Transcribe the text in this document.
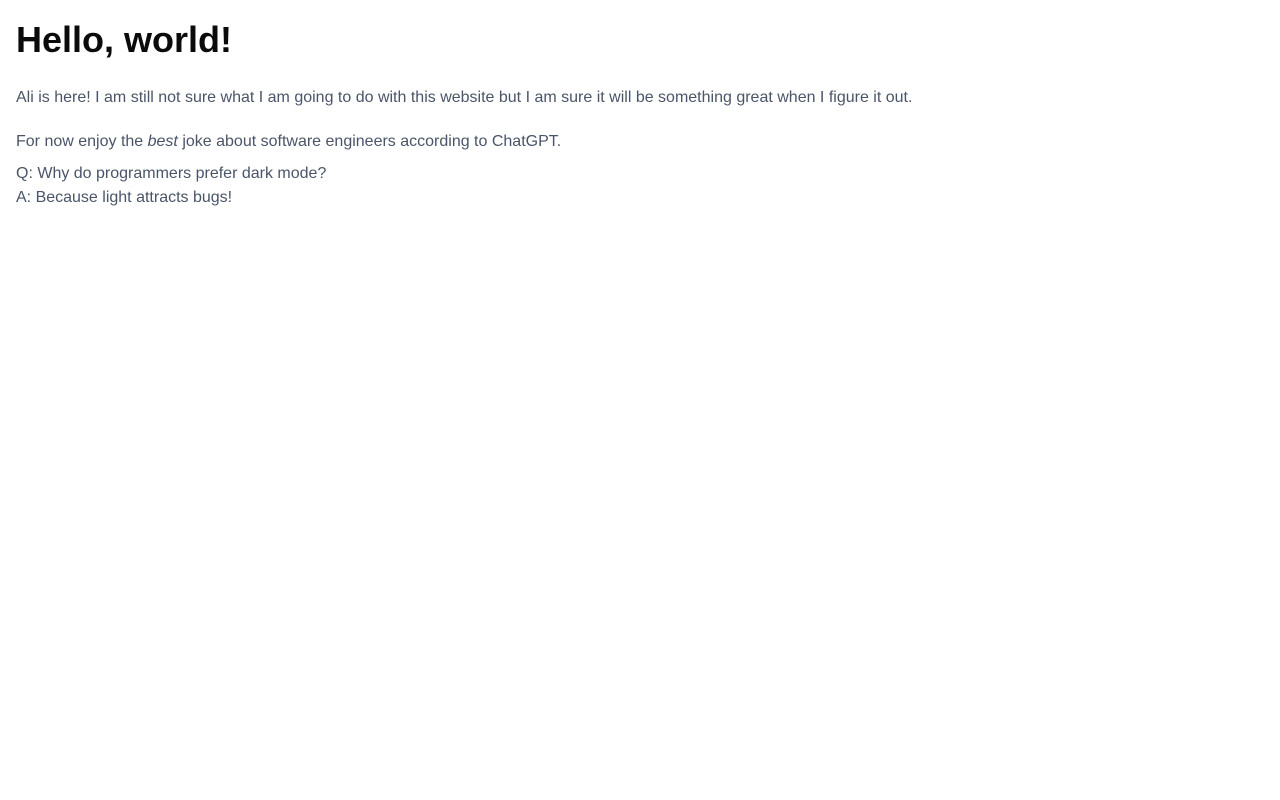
Hello, world!

Ali is here! I am still not sure what I am going to do with this website but I am sure it will be something great when I figure it out.

For now enjoy the best joke about software engineers according to ChatGPT.

Q: Why do programmers prefer dark mode?
A: Because light attracts bugs!
